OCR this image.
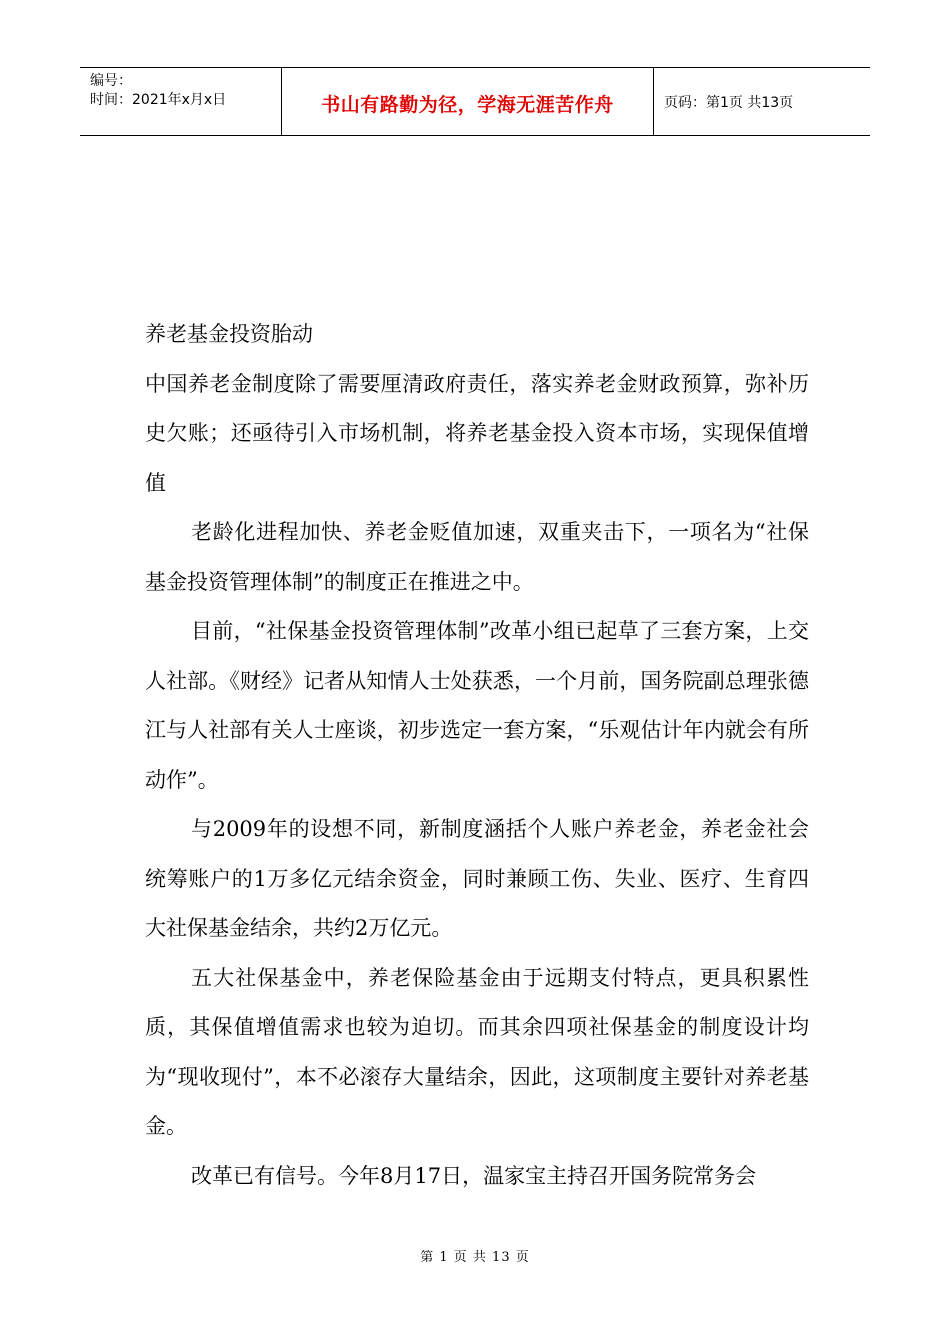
编号：
时间：2021年x月x日	书山有路勤为径，学海无涯苦作舟	页码：第1页 共13页

养老基金投资胎动

中国养老金制度除了需要厘清政府责任，落实养老金财政预算，弥补历史欠账；还亟待引入市场机制，将养老基金投入资本市场，实现保值增值

老龄化进程加快、养老金贬值加速，双重夹击下，一项名为“社保基金投资管理体制”的制度正在推进之中。

目前，“社保基金投资管理体制”改革小组已起草了三套方案，上交人社部。《财经》记者从知情人士处获悉，一个月前，国务院副总理张德江与人社部有关人士座谈，初步选定一套方案，“乐观估计年内就会有所动作”。

与2009年的设想不同，新制度涵括个人账户养老金，养老金社会统筹账户的1万多亿元结余资金，同时兼顾工伤、失业、医疗、生育四大社保基金结余，共约2万亿元。

五大社保基金中，养老保险基金由于远期支付特点，更具积累性质，其保值增值需求也较为迫切。而其余四项社保基金的制度设计均为“现收现付”，本不必滚存大量结余，因此，这项制度主要针对养老基金。

改革已有信号。今年8月17日，温家宝主持召开国务院常务会

第 1 页 共 13 页
